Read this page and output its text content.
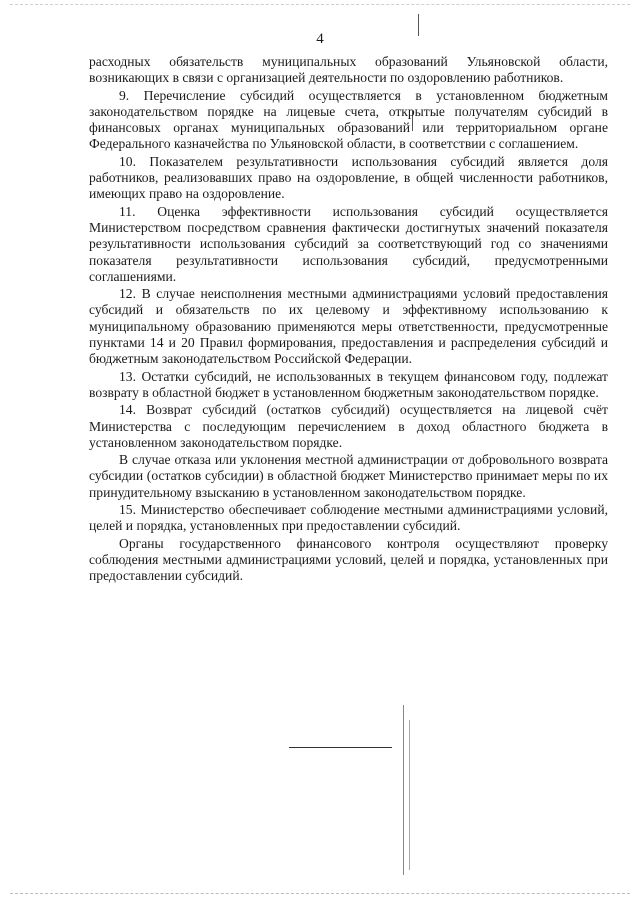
4

расходных обязательств муниципальных образований Ульяновской области, возникающих в связи с организацией деятельности по оздоровлению работников.

9. Перечисление субсидий осуществляется в установленном бюджетным законодательством порядке на лицевые счета, открытые получателям субсидий в финансовых органах муниципальных образований или территориальном органе Федерального казначейства по Ульяновской области, в соответствии с соглашением.

10. Показателем результативности использования субсидий является доля работников, реализовавших право на оздоровление, в общей численности работников, имеющих право на оздоровление.

11. Оценка эффективности использования субсидий осуществляется Министерством посредством сравнения фактически достигнутых значений показателя результативности использования субсидий за соответствующий год со значениями показателя результативности использования субсидий, предусмотренными соглашениями.

12. В случае неисполнения местными администрациями условий предоставления субсидий и обязательств по их целевому и эффективному использованию к муниципальному образованию применяются меры ответственности, предусмотренные пунктами 14 и 20 Правил формирования, предоставления и распределения субсидий и бюджетным законодательством Российской Федерации.

13. Остатки субсидий, не использованных в текущем финансовом году, подлежат возврату в областной бюджет в установленном бюджетным законодательством порядке.

14. Возврат субсидий (остатков субсидий) осуществляется на лицевой счёт Министерства с последующим перечислением в доход областного бюджета в установленном законодательством порядке.

В случае отказа или уклонения местной администрации от добровольного возврата субсидии (остатков субсидии) в областной бюджет Министерство принимает меры по их принудительному взысканию в установленном законодательством порядке.

15. Министерство обеспечивает соблюдение местными администрациями условий, целей и порядка, установленных при предоставлении субсидий.

Органы государственного финансового контроля осуществляют проверку соблюдения местными администрациями условий, целей и порядка, установленных при предоставлении субсидий.
